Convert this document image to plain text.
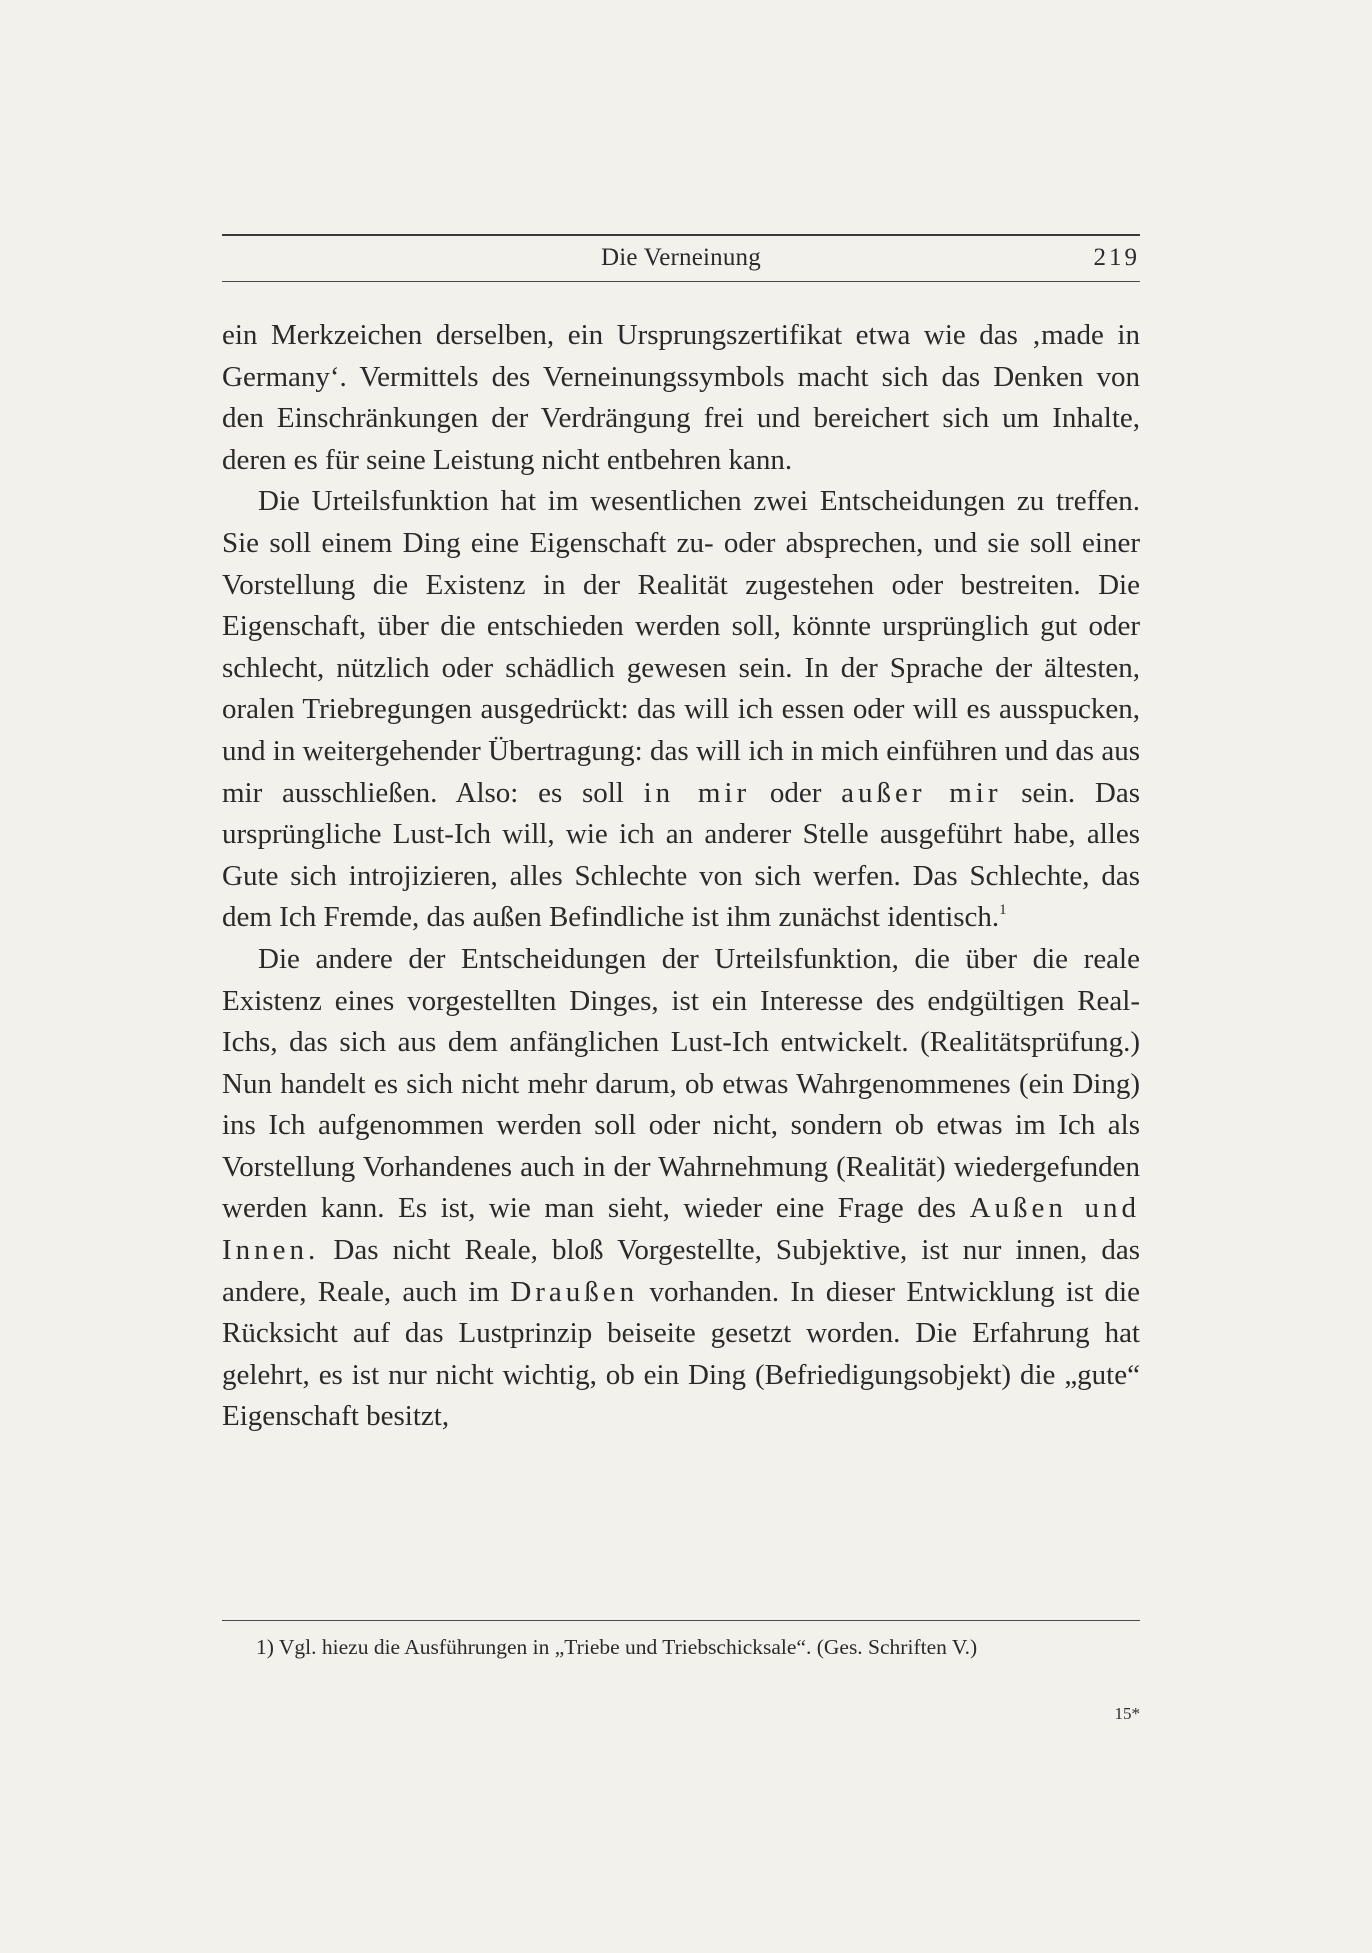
Die Verneinung	219

ein Merkzeichen derselben, ein Ursprungszertifikat etwa wie das ‚made in Germany‘. Vermittels des Verneinungssymbols macht sich das Denken von den Einschränkungen der Verdrängung frei und bereichert sich um Inhalte, deren es für seine Leistung nicht entbehren kann.

Die Urteilsfunktion hat im wesentlichen zwei Entscheidungen zu treffen. Sie soll einem Ding eine Eigenschaft zu- oder absprechen, und sie soll einer Vorstellung die Existenz in der Realität zugestehen oder bestreiten. Die Eigenschaft, über die entschieden werden soll, könnte ursprünglich gut oder schlecht, nützlich oder schädlich gewesen sein. In der Sprache der ältesten, oralen Triebregungen ausgedrückt: das will ich essen oder will es ausspucken, und in weitergehender Übertragung: das will ich in mich einführen und das aus mir ausschließen. Also: es soll in mir oder außer mir sein. Das ursprüngliche Lust-Ich will, wie ich an anderer Stelle ausgeführt habe, alles Gute sich introjizieren, alles Schlechte von sich werfen. Das Schlechte, das dem Ich Fremde, das außen Befindliche ist ihm zunächst identisch.$^1$

Die andere der Entscheidungen der Urteilsfunktion, die über die reale Existenz eines vorgestellten Dinges, ist ein Interesse des endgültigen Real-Ichs, das sich aus dem anfänglichen Lust-Ich entwickelt. (Realitätsprüfung.) Nun handelt es sich nicht mehr darum, ob etwas Wahrgenommenes (ein Ding) ins Ich aufgenommen werden soll oder nicht, sondern ob etwas im Ich als Vorstellung Vorhandenes auch in der Wahrnehmung (Realität) wiedergefunden werden kann. Es ist, wie man sieht, wieder eine Frage des Außen und Innen. Das nicht Reale, bloß Vorgestellte, Subjektive, ist nur innen, das andere, Reale, auch im Draußen vorhanden. In dieser Entwicklung ist die Rücksicht auf das Lustprinzip beiseite gesetzt worden. Die Erfahrung hat gelehrt, es ist nur nicht wichtig, ob ein Ding (Befriedigungsobjekt) die „gute“ Eigenschaft besitzt,

1) Vgl. hiezu die Ausführungen in „Triebe und Triebschicksale“. (Ges. Schriften V.)
15*
